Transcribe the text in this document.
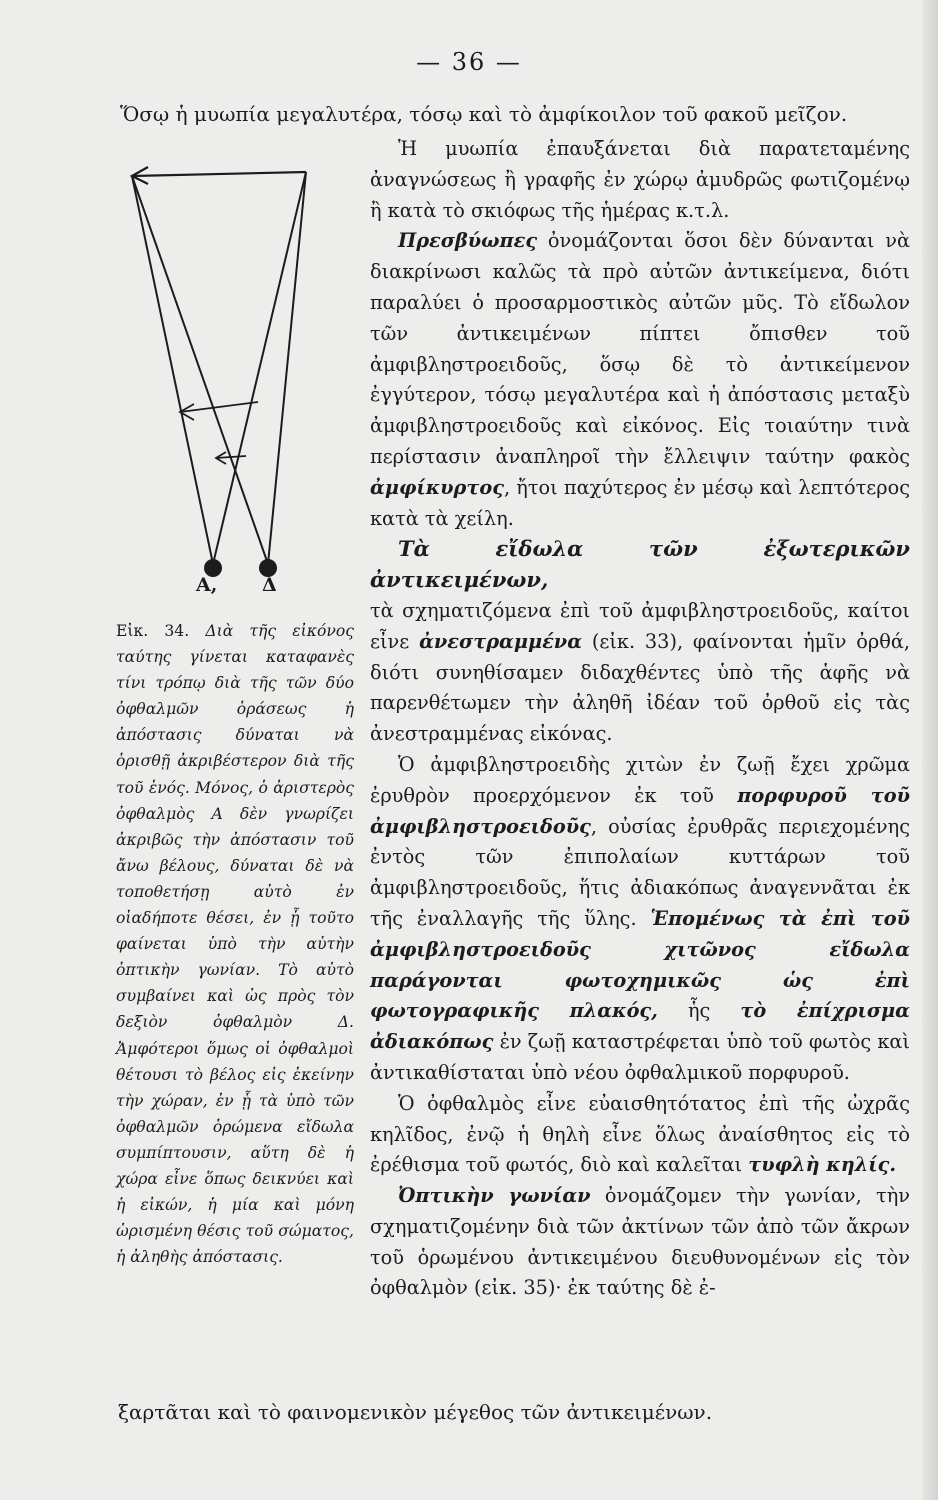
— 36 —
Ὅσῳ ἡ μυωπία μεγαλυτέρα, τόσῳ καὶ τὸ ἀμφίκοιλον τοῦ φακοῦ μεῖζον.
Α, Δ
Εἰκ. 34. Διὰ τῆς εἰκόνος ταύτης γίνεται καταφανὲς τίνι τρόπῳ διὰ τῆς τῶν δύο ὀφθαλμῶν ὁράσεως ἡ ἀπόστασις δύναται νὰ ὁρισθῇ ἀκριβέστερον διὰ τῆς τοῦ ἑνός. Μόνος, ὁ ἀριστερὸς ὀφθαλμὸς Α δὲν γνωρίζει ἀκριβῶς τὴν ἀπόστασιν τοῦ ἄνω βέλους, δύναται δὲ νὰ τοποθετήσῃ αὐτὸ ἐν οἱαδήποτε θέσει, ἐν ᾗ τοῦτο φαίνεται ὑπὸ τὴν αὐτὴν ὀπτικὴν γωνίαν. Τὸ αὐτὸ συμβαίνει καὶ ὡς πρὸς τὸν δεξιὸν ὀφθαλμὸν Δ. Ἀμφότεροι ὅμως οἱ ὀφθαλμοὶ θέτουσι τὸ βέλος εἰς ἐκείνην τὴν χώραν, ἐν ᾗ τὰ ὑπὸ τῶν ὀφθαλμῶν ὁρώμενα εἴδωλα συμπίπτουσιν, αὕτη δὲ ἡ χώρα εἶνε ὅπως δεικνύει καὶ ἡ εἰκών, ἡ μία καὶ μόνη ὡρισμένη θέσις τοῦ σώματος, ἡ ἀληθὴς ἀπόστασις.

Ἡ μυωπία ἐπαυξάνεται διὰ παρατεταμένης ἀναγνώσεως ἢ γραφῆς ἐν χώρῳ ἀμυδρῶς φωτιζομένῳ ἢ κατὰ τὸ σκιόφως τῆς ἡμέρας κ.τ.λ.

Πρεσβύωπες ὀνομάζονται ὅσοι δὲν δύνανται νὰ διακρίνωσι καλῶς τὰ πρὸ αὐτῶν ἀντικείμενα, διότι παραλύει ὁ προσαρμοστικὸς αὐτῶν μῦς. Τὸ εἴδωλον τῶν ἀντικειμένων πίπτει ὄπισθεν τοῦ ἀμφιβληστροειδοῦς, ὅσῳ δὲ τὸ ἀντικείμενον ἐγγύτερον, τόσῳ μεγαλυτέρα καὶ ἡ ἀπόστασις μεταξὺ ἀμφιβληστροειδοῦς καὶ εἰκόνος. Εἰς τοιαύτην τινὰ περίστασιν ἀναπληροῖ τὴν ἔλλειψιν ταύτην φακὸς ἀμφίκυρτος, ἤτοι παχύτερος ἐν μέσῳ καὶ λεπτότερος κατὰ τὰ χείλη.

Τὰ εἴδωλα τῶν ἐξωτερικῶν ἀντικειμένων,

τὰ σχηματιζόμενα ἐπὶ τοῦ ἀμφιβληστροειδοῦς, καίτοι εἶνε ἀνεστραμμένα (εἰκ. 33), φαίνονται ἡμῖν ὀρθά, διότι συνηθίσαμεν διδαχθέντες ὑπὸ τῆς ἁφῆς νὰ παρενθέτωμεν τὴν ἀληθῆ ἰδέαν τοῦ ὀρθοῦ εἰς τὰς ἀνεστραμμένας εἰκόνας.

Ὁ ἀμφιβληστροειδὴς χιτὼν ἐν ζωῇ ἔχει χρῶμα ἐρυθρὸν προερχόμενον ἐκ τοῦ πορφυροῦ τοῦ ἀμφιβληστροειδοῦς, οὐσίας ἐρυθρᾶς περιεχομένης ἐντὸς τῶν ἐπιπολαίων κυττάρων τοῦ ἀμφιβληστροειδοῦς, ἥτις ἀδιακόπως ἀναγεννᾶται ἐκ τῆς ἐναλλαγῆς τῆς ὕλης. Ἑπομένως τὰ ἐπὶ τοῦ ἀμφιβληστροειδοῦς χιτῶνος εἴδωλα παράγονται φωτοχημικῶς ὡς ἐπὶ φωτογραφικῆς πλακός, ἧς τὸ ἐπίχρισμα ἀδιακόπως ἐν ζωῇ καταστρέφεται ὑπὸ τοῦ φωτὸς καὶ ἀντικαθίσταται ὑπὸ νέου ὀφθαλμικοῦ πορφυροῦ.

Ὁ ὀφθαλμὸς εἶνε εὐαισθητότατος ἐπὶ τῆς ὠχρᾶς κηλῖδος, ἐνῷ ἡ θηλὴ εἶνε ὅλως ἀναίσθητος εἰς τὸ ἐρέθισμα τοῦ φωτός, διὸ καὶ καλεῖται τυφλὴ κηλίς.

Ὀπτικὴν γωνίαν ὀνομάζομεν τὴν γωνίαν, τὴν σχηματιζομένην διὰ τῶν ἀκτίνων τῶν ἀπὸ τῶν ἄκρων τοῦ ὁρωμένου ἀντικειμένου διευθυνομένων εἰς τὸν ὀφθαλμὸν (εἰκ. 35)· ἐκ ταύτης δὲ ἐ-

ξαρτᾶται καὶ τὸ φαινομενικὸν μέγεθος τῶν ἀντικειμένων.
